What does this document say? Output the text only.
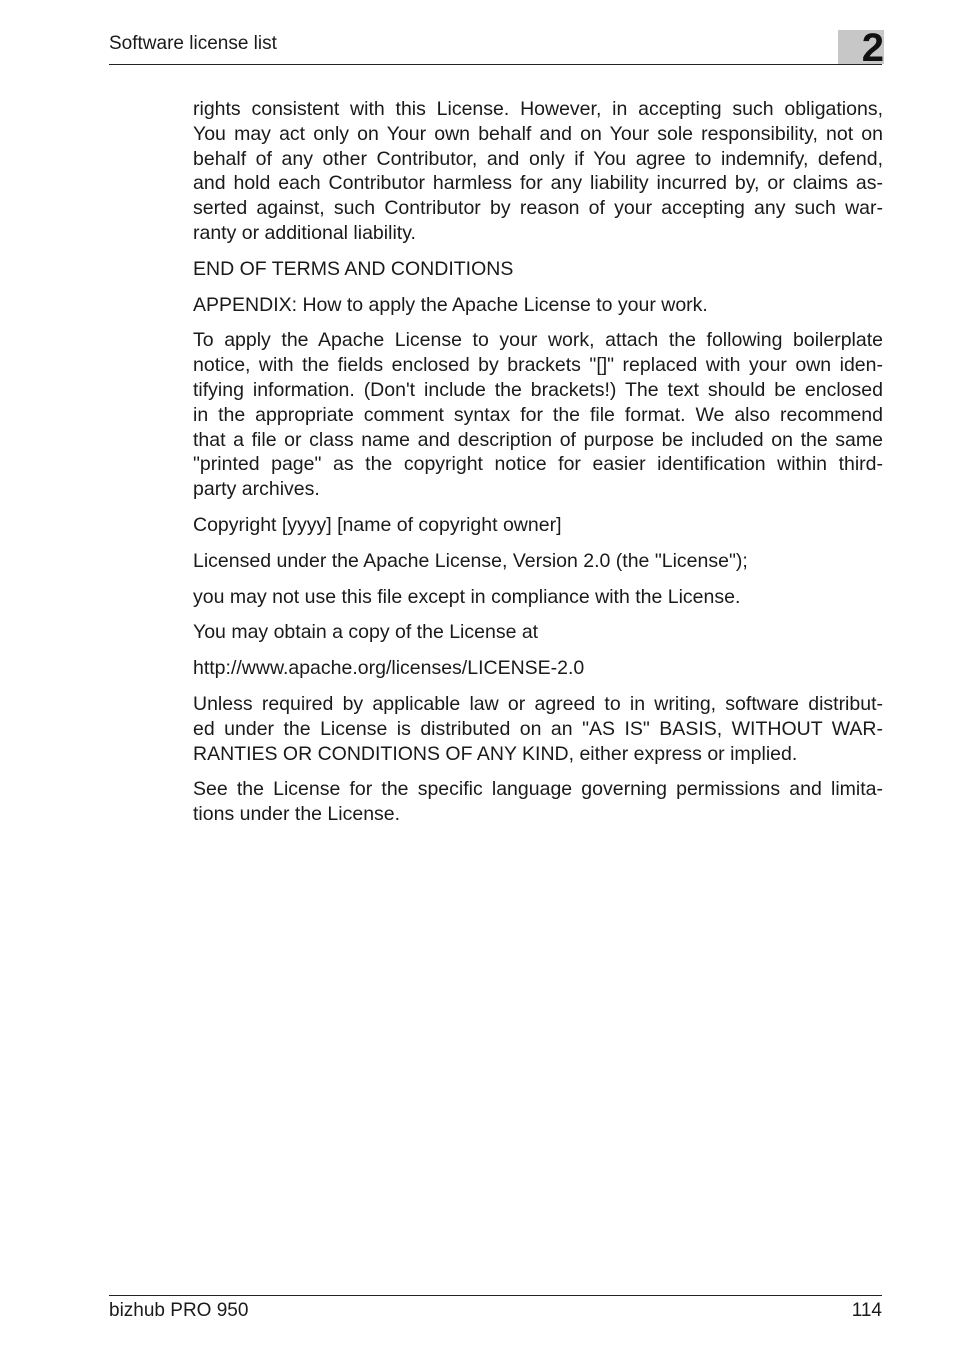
Software license list	2

rights consistent with this License. However, in accepting such obligations,
You may act only on Your own behalf and on Your sole responsibility, not on
behalf of any other Contributor, and only if You agree to indemnify, defend,
and hold each Contributor harmless for any liability incurred by, or claims as-
serted against, such Contributor by reason of your accepting any such war-
ranty or additional liability.

END OF TERMS AND CONDITIONS

APPENDIX: How to apply the Apache License to your work.

To apply the Apache License to your work, attach the following boilerplate
notice, with the fields enclosed by brackets "[]" replaced with your own iden-
tifying information. (Don't include the brackets!) The text should be enclosed
in the appropriate comment syntax for the file format. We also recommend
that a file or class name and description of purpose be included on the same
"printed page" as the copyright notice for easier identification within third-
party archives.

Copyright [yyyy] [name of copyright owner]

Licensed under the Apache License, Version 2.0 (the "License");

you may not use this file except in compliance with the License.

You may obtain a copy of the License at

http://www.apache.org/licenses/LICENSE-2.0

Unless required by applicable law or agreed to in writing, software distribut-
ed under the License is distributed on an "AS IS" BASIS, WITHOUT WAR-
RANTIES OR CONDITIONS OF ANY KIND, either express or implied.

See the License for the specific language governing permissions and limita-
tions under the License.

bizhub PRO 950	114
